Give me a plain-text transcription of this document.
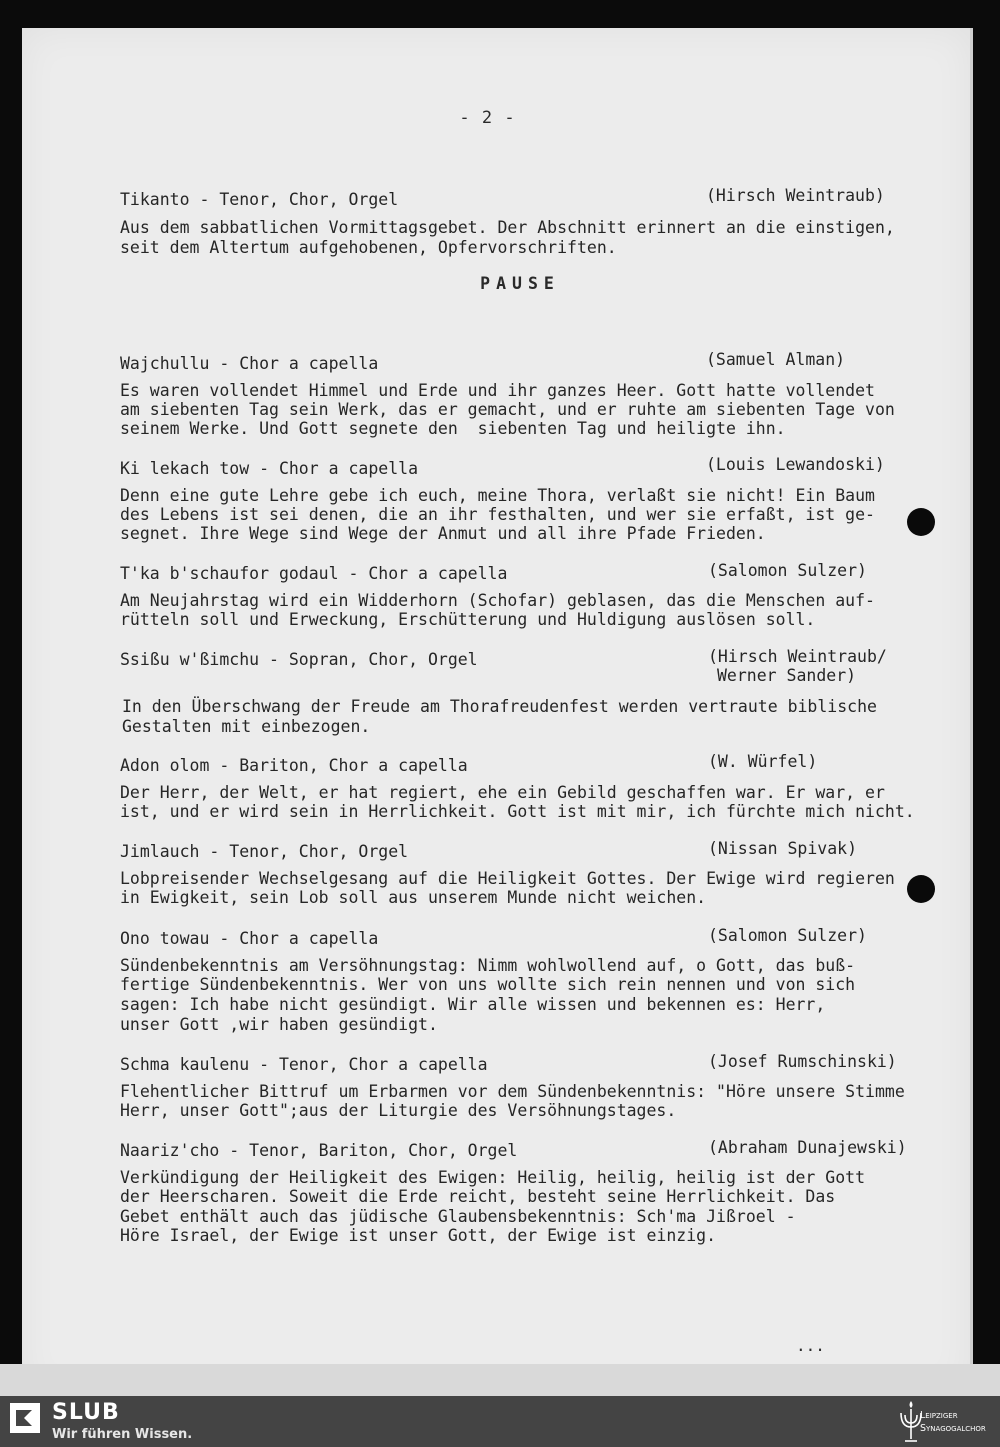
- 2 -
Tikanto - Tenor, Chor, Orgel	(Hirsch Weintraub)
Aus dem sabbatlichen Vormittagsgebet. Der Abschnitt erinnert an die einstigen,
seit dem Altertum aufgehobenen, Opfervorschriften.
PAUSE
Wajchullu - Chor a capella	(Samuel Alman)
Es waren vollendet Himmel und Erde und ihr ganzes Heer. Gott hatte vollendet
am siebenten Tag sein Werk, das er gemacht, und er ruhte am siebenten Tage von
seinem Werke. Und Gott segnete den  siebenten Tag und heiligte ihn.
Ki lekach tow - Chor a capella	(Louis Lewandoski)
Denn eine gute Lehre gebe ich euch, meine Thora, verlaßt sie nicht! Ein Baum
des Lebens ist sei denen, die an ihr festhalten, und wer sie erfaßt, ist ge-
segnet. Ihre Wege sind Wege der Anmut und all ihre Pfade Frieden.
T'ka b'schaufor godaul - Chor a capella	(Salomon Sulzer)
Am Neujahrstag wird ein Widderhorn (Schofar) geblasen, das die Menschen auf-
rütteln soll und Erweckung, Erschütterung und Huldigung auslösen soll.
Ssißu w'ßimchu - Sopran, Chor, Orgel	(Hirsch Weintraub/
Werner Sander)
In den Überschwang der Freude am Thorafreudenfest werden vertraute biblische
Gestalten mit einbezogen.
Adon olom - Bariton, Chor a capella	(W. Würfel)
Der Herr, der Welt, er hat regiert, ehe ein Gebild geschaffen war. Er war, er
ist, und er wird sein in Herrlichkeit. Gott ist mit mir, ich fürchte mich nicht.
Jimlauch - Tenor, Chor, Orgel	(Nissan Spivak)
Lobpreisender Wechselgesang auf die Heiligkeit Gottes. Der Ewige wird regieren
in Ewigkeit, sein Lob soll aus unserem Munde nicht weichen.
Ono towau - Chor a capella	(Salomon Sulzer)
Sündenbekenntnis am Versöhnungstag: Nimm wohlwollend auf, o Gott, das buß-
fertige Sündenbekenntnis. Wer von uns wollte sich rein nennen und von sich
sagen: Ich habe nicht gesündigt. Wir alle wissen und bekennen es: Herr,
unser Gott ,wir haben gesündigt.
Schma kaulenu - Tenor, Chor a capella	(Josef Rumschinski)
Flehentlicher Bittruf um Erbarmen vor dem Sündenbekenntnis: "Höre unsere Stimme
Herr, unser Gott";aus der Liturgie des Versöhnungstages.
Naariz'cho - Tenor, Bariton, Chor, Orgel	(Abraham Dunajewski)
Verkündigung der Heiligkeit des Ewigen: Heilig, heilig, heilig ist der Gott
der Heerscharen. Soweit die Erde reicht, besteht seine Herrlichkeit. Das
Gebet enthält auch das jüdische Glaubensbekenntnis: Sch'ma Jißroel -
Höre Israel, der Ewige ist unser Gott, der Ewige ist einzig.
...
SLUB
Wir führen Wissen.
Leipziger
Synagogalchor
